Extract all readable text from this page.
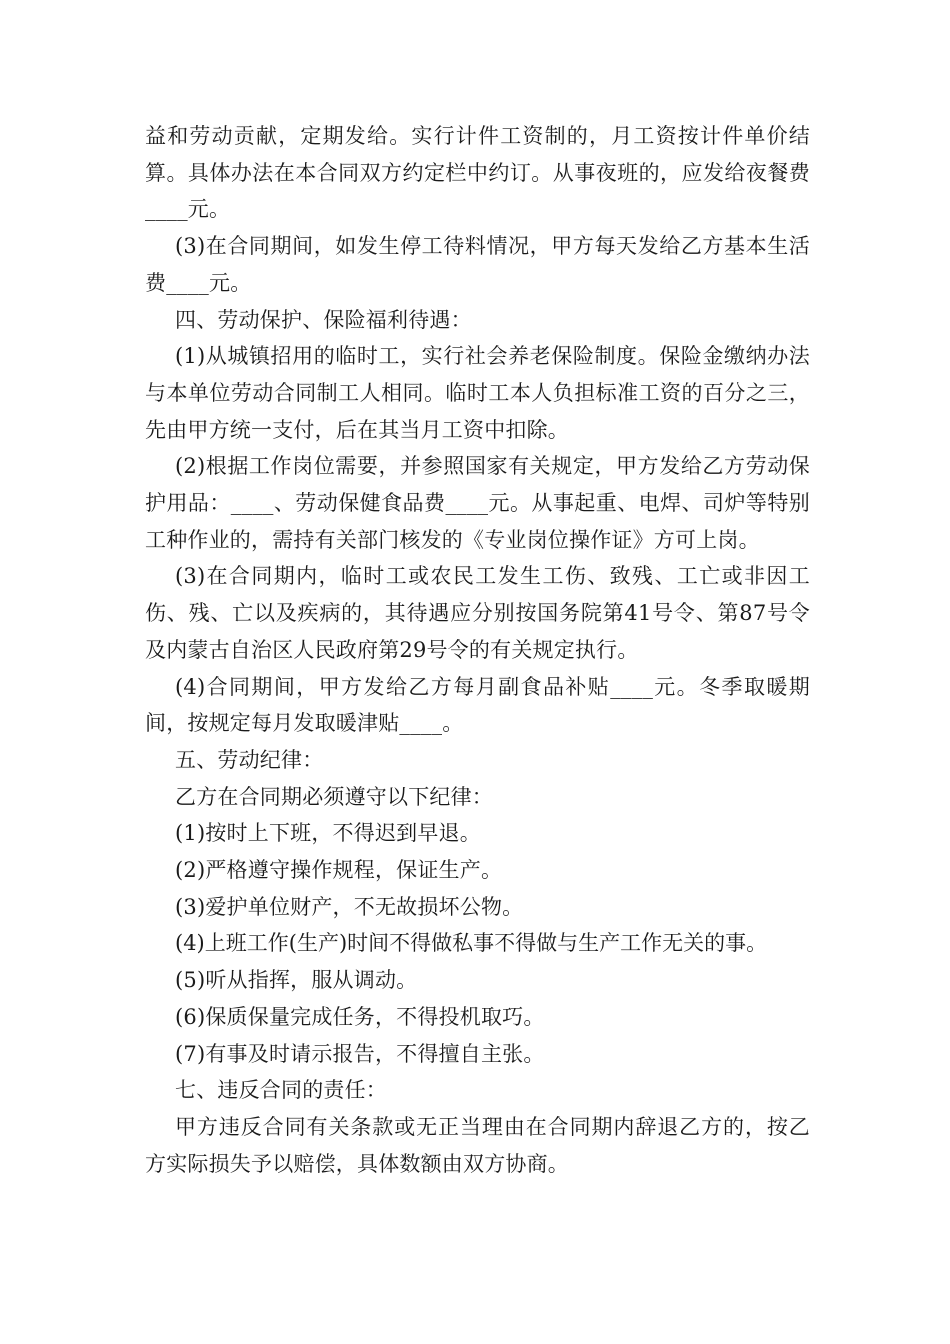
益和劳动贡献，定期发给。实行计件工资制的，月工资按计件单价结算。具体办法在本合同双方约定栏中约订。从事夜班的，应发给夜餐费____元。

(3)在合同期间，如发生停工待料情况，甲方每天发给乙方基本生活费____元。

四、劳动保护、保险福利待遇：

(1)从城镇招用的临时工，实行社会养老保险制度。保险金缴纳办法与本单位劳动合同制工人相同。临时工本人负担标准工资的百分之三，先由甲方统一支付，后在其当月工资中扣除。

(2)根据工作岗位需要，并参照国家有关规定，甲方发给乙方劳动保护用品：____、劳动保健食品费____元。从事起重、电焊、司炉等特别工种作业的，需持有关部门核发的《专业岗位操作证》方可上岗。

(3)在合同期内，临时工或农民工发生工伤、致残、工亡或非因工伤、残、亡以及疾病的，其待遇应分别按国务院第41号令、第87号令及内蒙古自治区人民政府第29号令的有关规定执行。

(4)合同期间，甲方发给乙方每月副食品补贴____元。冬季取暖期间，按规定每月发取暖津贴____。

五、劳动纪律：

乙方在合同期必须遵守以下纪律：

(1)按时上下班，不得迟到早退。

(2)严格遵守操作规程，保证生产。

(3)爱护单位财产，不无故损坏公物。

(4)上班工作(生产)时间不得做私事不得做与生产工作无关的事。

(5)听从指挥，服从调动。

(6)保质保量完成任务，不得投机取巧。

(7)有事及时请示报告，不得擅自主张。

七、违反合同的责任：

甲方违反合同有关条款或无正当理由在合同期内辞退乙方的，按乙方实际损失予以赔偿，具体数额由双方协商。
